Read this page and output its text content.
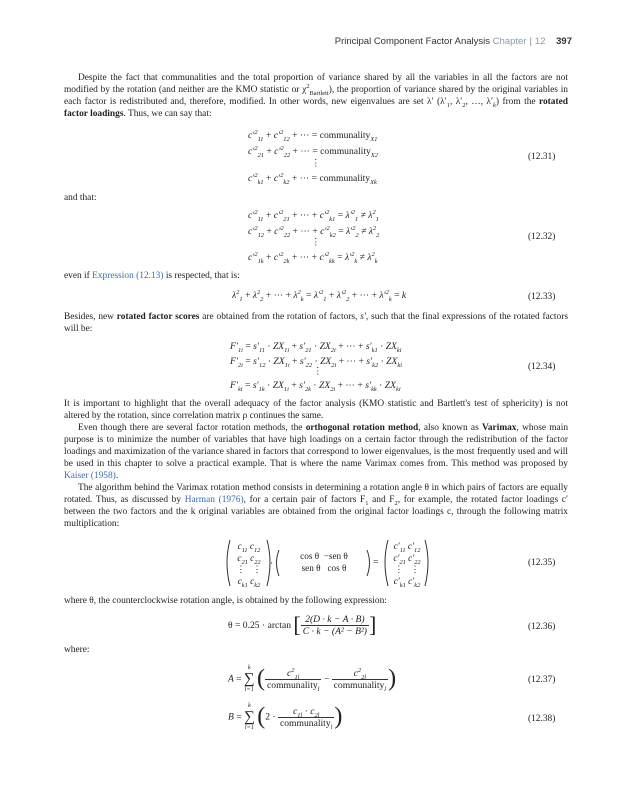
Principal Component Factor Analysis Chapter | 12 397
Despite the fact that communalities and the total proportion of variance shared by all the variables in all the factors are not modified by the rotation (and neither are the KMO statistic or $\chi^2_{Bartlett}$), the proportion of variance shared by the original variables in each factor is redistributed and, therefore, modified. In other words, new eigenvalues are set λ′ ($\lambda'_1$, $\lambda'_2$, …, $\lambda'_k$) from the rotated factor loadings. Thus, we can say that:
$c'^2_{11} + c'^2_{12}$ + ⋯ = communality$_{X1}$
$c'^2_{21} + c'^2_{22}$ + ⋯ = communality$_{X2}$
⋮
$c'^2_{k1} + c'^2_{k2}$ + ⋯ = communality$_{Xk}$
(12.31)
and that:
$c'^2_{11} + c'^2_{21}$ + ⋯ + $c'^2_{k1} = \lambda'^2_1 \ne \lambda^2_1$
$c'^2_{12} + c'^2_{22}$ + ⋯ + $c'^2_{k2} = \lambda'^2_2 \ne \lambda^2_2$
⋮
$c'^2_{1k} + c'^2_{2k}$ + ⋯ + $c'^2_{kk} = \lambda'^2_k \ne \lambda^2_k$
(12.32)
even if Expression (12.13) is respected, that is:
$\lambda^2_1 + \lambda^2_2$ + ⋯ + $\lambda^2_k = \lambda'^2_1 + \lambda'^2_2$ + ⋯ + $\lambda'^2_k = k$	(12.33)
Besides, new rotated factor scores are obtained from the rotation of factors, s′, such that the final expressions of the rotated factors will be:
$F'_{1i} = s'_{11} \cdot ZX_{1i} + s'_{21} \cdot ZX_{2i}$ + ⋯ + $s'_{k1} \cdot ZX_{ki}$
$F'_{2i} = s'_{12} \cdot ZX_{1i} + s'_{22} \cdot ZX_{2i}$ + ⋯ + $s'_{k2} \cdot ZX_{ki}$
⋮
$F'_{ki} = s'_{1k} \cdot ZX_{1i} + s'_{2k} \cdot ZX_{2i}$ + ⋯ + $s'_{kk} \cdot ZX_{ki}$
(12.34)
It is important to highlight that the overall adequacy of the factor analysis (KMO statistic and Bartlett's test of sphericity) is not altered by the rotation, since correlation matrix ρ continues the same.
Even though there are several factor rotation methods, the orthogonal rotation method, also known as Varimax, whose main purpose is to minimize the number of variables that have high loadings on a certain factor through the redistribution of the factor loadings and maximization of the variance shared in factors that correspond to lower eigenvalues, is the most frequently used and will be used in this chapter to solve a practical example. That is where the name Varimax comes from. This method was proposed by Kaiser (1958).
The algorithm behind the Varimax rotation method consists in determining a rotation angle θ in which pairs of factors are equally rotated. Thus, as discussed by Harman (1976), for a certain pair of factors $F_1$ and $F_2$, for example, the rotated factor loadings c′ between the two factors and the k original variables are obtained from the original factor loadings c, through the following matrix multiplication:
$c_{11}$ $c_{12}$
$c_{21}$ $c_{22}$
⋮   ⋮
$c_{k1}$ $c_{k2}$
·
cos θ −sen θ
sen θ cos θ	=
$c'_{11}$ $c'_{12}$
$c'_{21}$ $c'_{22}$
⋮   ⋮
$c'_{k1}$ $c'_{k2}$
(12.35)
where θ, the counterclockwise rotation angle, is obtained by the following expression:
θ = 0.25 · arctan [ $\frac{2(D \cdot k - A \cdot B)}{\text{C · k − (A² − B²)}}$ ]	(12.36)
where:
A =
k
∑
l=1 ( $\frac{c^2_{1l}}{communality_l} - \frac{c^2_{2l}}{communality_l}$ )	(12.37)
B =
k
∑
l=1 ($2 \cdot \frac{c_{1l} \cdot c_{2l}}{communality_l}$ )	(12.38)
